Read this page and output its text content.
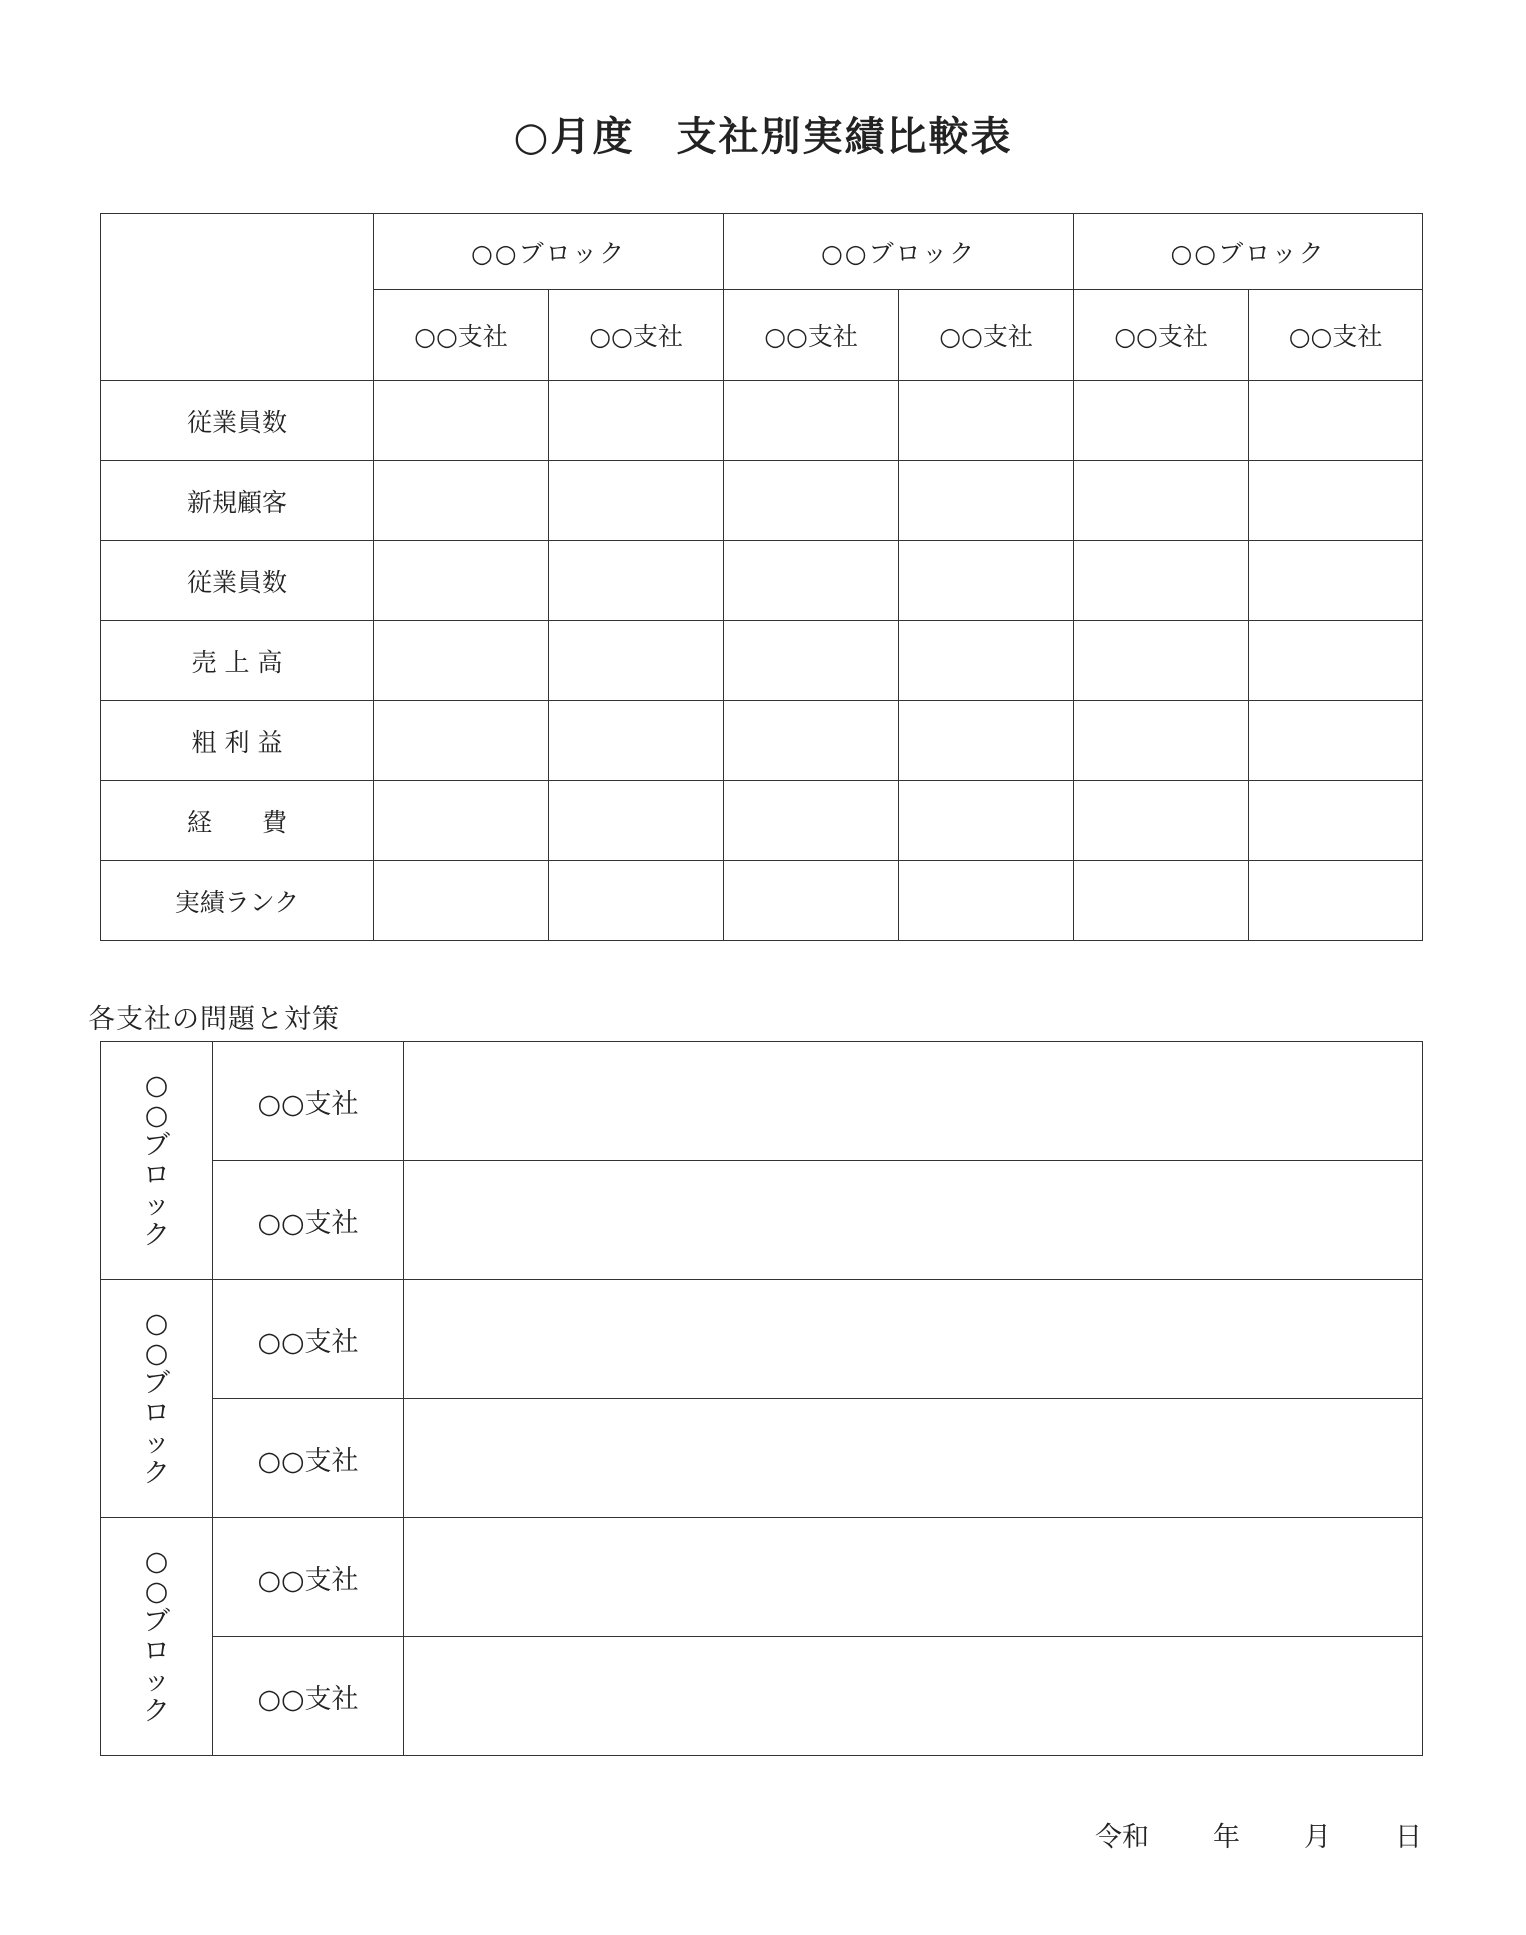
○月度　支社別実績比較表
	○○ブロック		○○ブロック		○○ブロック	
	○○支社	○○支社	○○支社	○○支社	○○支社	○○支社
従業員数						
新規顧客						
従業員数						
売 上 高						
粗 利 益						
経　　費						
実績ランク						

各支社の問題と対策

○○ブロック	○○支社	
	○○支社	
○○ブロック	○○支社	
	○○支社	
○○ブロック	○○支社	
	○○支社	
令和 年 月 日
